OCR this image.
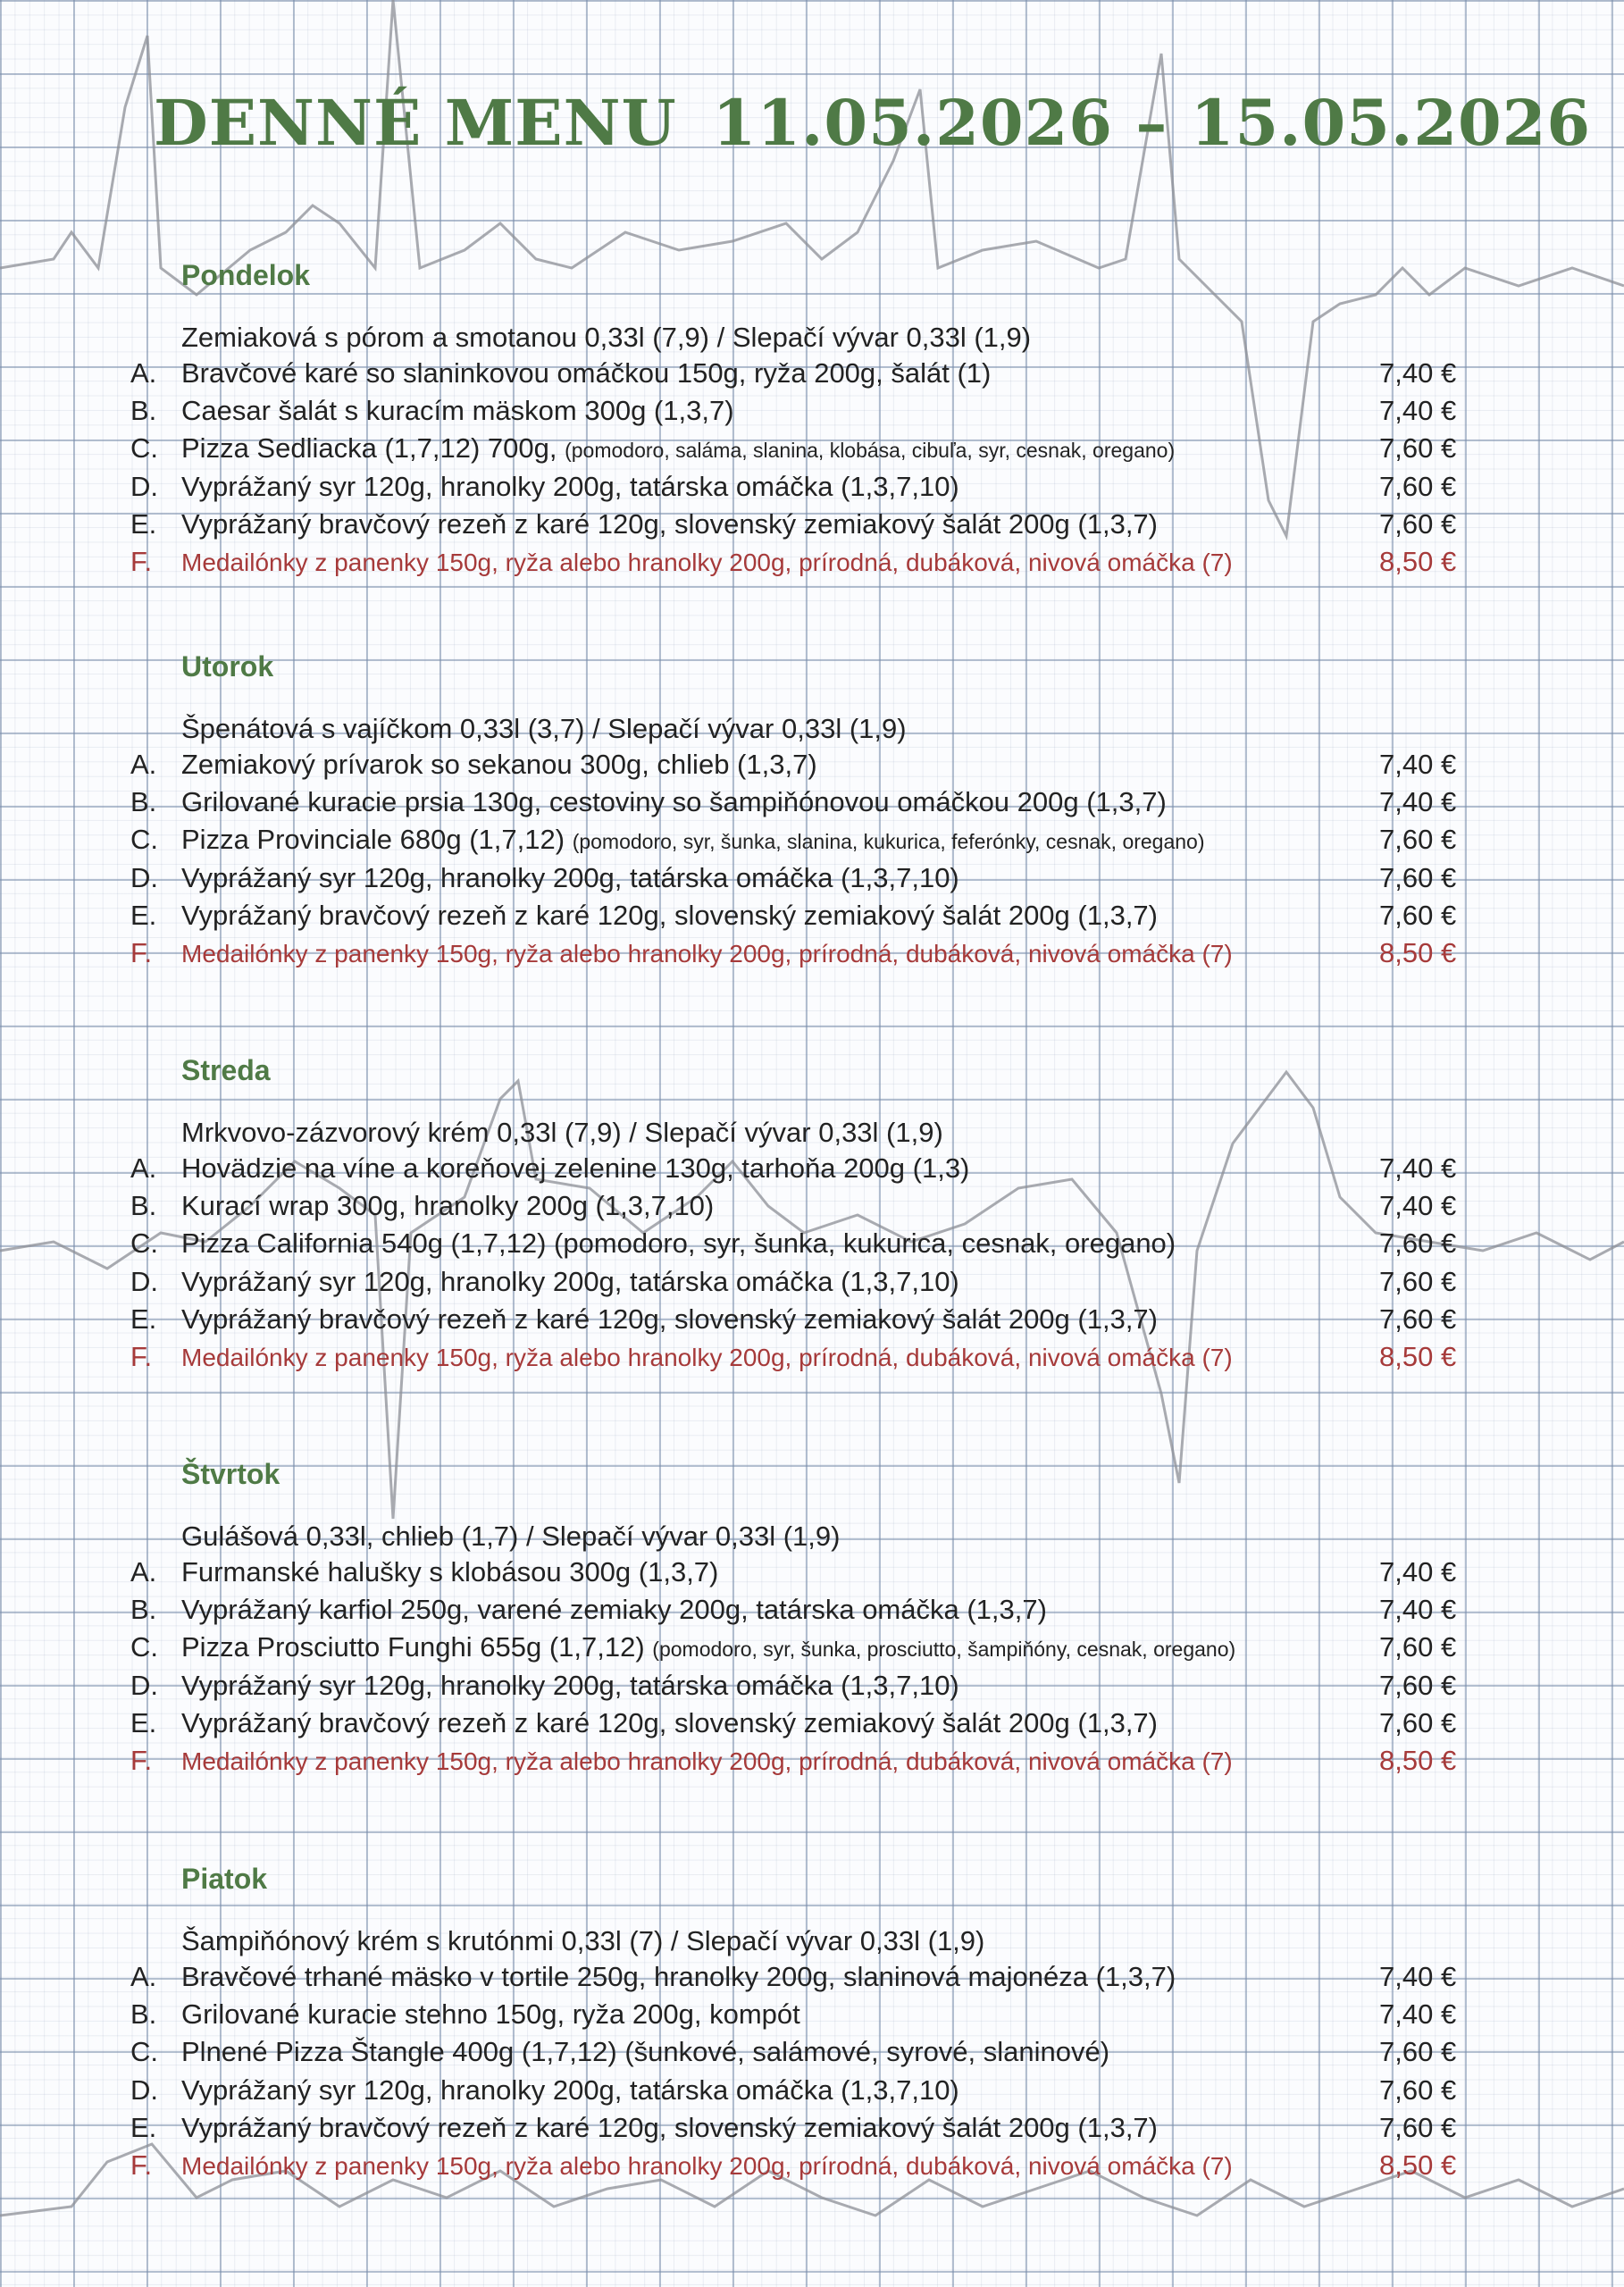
DENNÉ MENU 11.05.2026 – 15.05.2026
Pondelok
Zemiaková s pórom a smotanou 0,33l (7,9) / Slepačí vývar 0,33l (1,9)
A. Bravčové karé so slaninkovou omáčkou 150g, ryža 200g, šalát (1)	7,40 €
B. Caesar šalát s kuracím mäskom 300g (1,3,7)	7,40 €
C. Pizza Sedliacka (1,7,12) 700g, (pomodoro, saláma, slanina, klobása, cibuľa, syr, cesnak, oregano)	7,60 €
D. Vyprážaný syr 120g, hranolky 200g, tatárska omáčka (1,3,7,10)	7,60 €
E. Vyprážaný bravčový rezeň z karé 120g, slovenský zemiakový šalát 200g (1,3,7)	7,60 €
F. Medailónky z panenky 150g, ryža alebo hranolky 200g, prírodná, dubáková, nivová omáčka (7)	8,50 €
Utorok
Špenátová s vajíčkom 0,33l (3,7) / Slepačí vývar 0,33l (1,9)
A. Zemiakový prívarok so sekanou 300g, chlieb (1,3,7)	7,40 €
B. Grilované kuracie prsia 130g, cestoviny so šampiňónovou omáčkou 200g (1,3,7)	7,40 €
C. Pizza Provinciale 680g (1,7,12) (pomodoro, syr, šunka, slanina, kukurica, feferónky, cesnak, oregano)	7,60 €
D. Vyprážaný syr 120g, hranolky 200g, tatárska omáčka (1,3,7,10)	7,60 €
E. Vyprážaný bravčový rezeň z karé 120g, slovenský zemiakový šalát 200g (1,3,7)	7,60 €
F. Medailónky z panenky 150g, ryža alebo hranolky 200g, prírodná, dubáková, nivová omáčka (7)	8,50 €
Streda
Mrkvovo-zázvorový krém 0,33l (7,9) / Slepačí vývar 0,33l (1,9)
A. Hovädzie na víne a koreňovej zelenine 130g, tarhoňa 200g (1,3)	7,40 €
B. Kurací wrap 300g, hranolky 200g (1,3,7,10)	7,40 €
C. Pizza California 540g (1,7,12) (pomodoro, syr, šunka, kukurica, cesnak, oregano)	7,60 €
D. Vyprážaný syr 120g, hranolky 200g, tatárska omáčka (1,3,7,10)	7,60 €
E. Vyprážaný bravčový rezeň z karé 120g, slovenský zemiakový šalát 200g (1,3,7)	7,60 €
F. Medailónky z panenky 150g, ryža alebo hranolky 200g, prírodná, dubáková, nivová omáčka (7)	8,50 €
Štvrtok
Gulášová 0,33l, chlieb (1,7) / Slepačí vývar 0,33l (1,9)
A. Furmanské halušky s klobásou 300g (1,3,7)	7,40 €
B. Vyprážaný karfiol 250g, varené zemiaky 200g, tatárska omáčka (1,3,7)	7,40 €
C. Pizza Prosciutto Funghi 655g (1,7,12) (pomodoro, syr, šunka, prosciutto, šampiňóny, cesnak, oregano)	7,60 €
D. Vyprážaný syr 120g, hranolky 200g, tatárska omáčka (1,3,7,10)	7,60 €
E. Vyprážaný bravčový rezeň z karé 120g, slovenský zemiakový šalát 200g (1,3,7)	7,60 €
F. Medailónky z panenky 150g, ryža alebo hranolky 200g, prírodná, dubáková, nivová omáčka (7)	8,50 €
Piatok
Šampiňónový krém s krutónmi 0,33l (7) / Slepačí vývar 0,33l (1,9)
A. Bravčové trhané mäsko v tortile 250g, hranolky 200g, slaninová majonéza (1,3,7)	7,40 €
B. Grilované kuracie stehno 150g, ryža 200g, kompót	7,40 €
C. Plnené Pizza Štangle 400g (1,7,12) (šunkové, salámové, syrové, slaninové)	7,60 €
D. Vyprážaný syr 120g, hranolky 200g, tatárska omáčka (1,3,7,10)	7,60 €
E. Vyprážaný bravčový rezeň z karé 120g, slovenský zemiakový šalát 200g (1,3,7)	7,60 €
F. Medailónky z panenky 150g, ryža alebo hranolky 200g, prírodná, dubáková, nivová omáčka (7)	8,50 €
